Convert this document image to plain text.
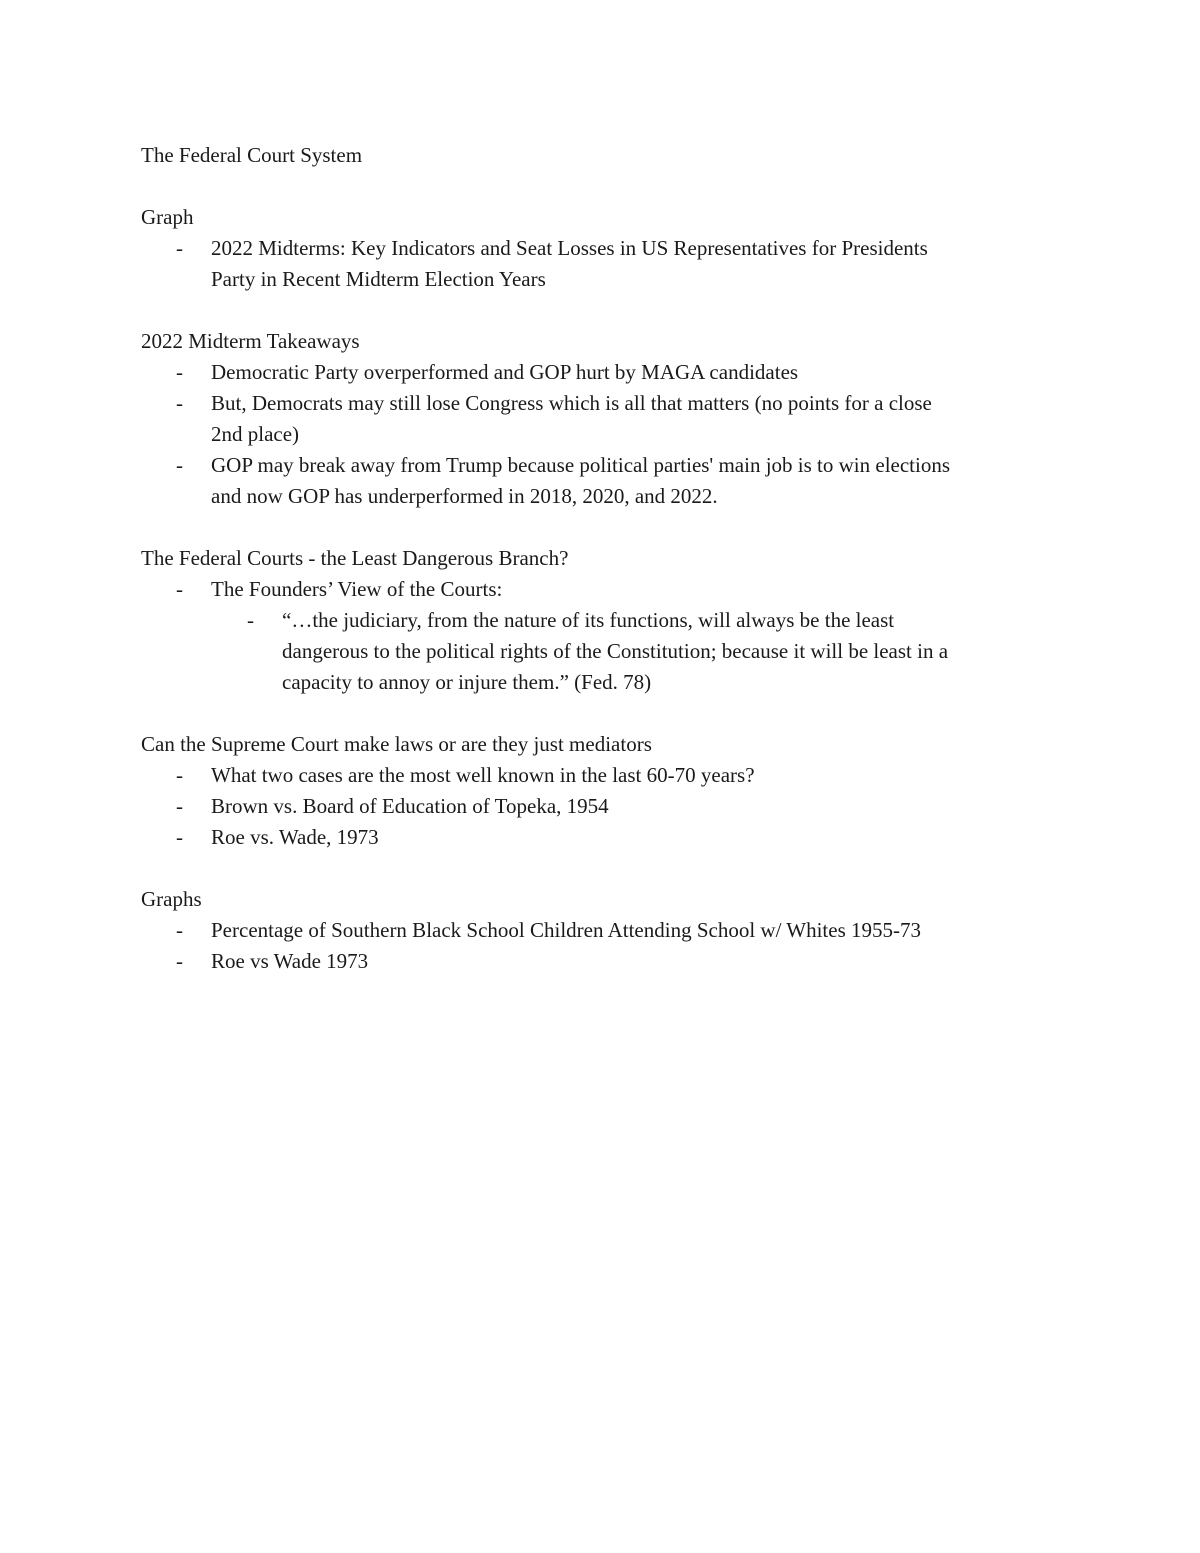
The Federal Court System
Graph
- 2022 Midterms: Key Indicators and Seat Losses in US Representatives for Presidents
Party in Recent Midterm Election Years
2022 Midterm Takeaways
- Democratic Party overperformed and GOP hurt by MAGA candidates
- But, Democrats may still lose Congress which is all that matters (no points for a close
2nd place)
- GOP may break away from Trump because political parties' main job is to win elections
and now GOP has underperformed in 2018, 2020, and 2022.
The Federal Courts - the Least Dangerous Branch?
- The Founders’ View of the Courts:
- “…the judiciary, from the nature of its functions, will always be the least
dangerous to the political rights of the Constitution; because it will be least in a
capacity to annoy or injure them.” (Fed. 78)
Can the Supreme Court make laws or are they just mediators
- What two cases are the most well known in the last 60-70 years?
- Brown vs. Board of Education of Topeka, 1954
- Roe vs. Wade, 1973
Graphs
- Percentage of Southern Black School Children Attending School w/ Whites 1955-73
- Roe vs Wade 1973
